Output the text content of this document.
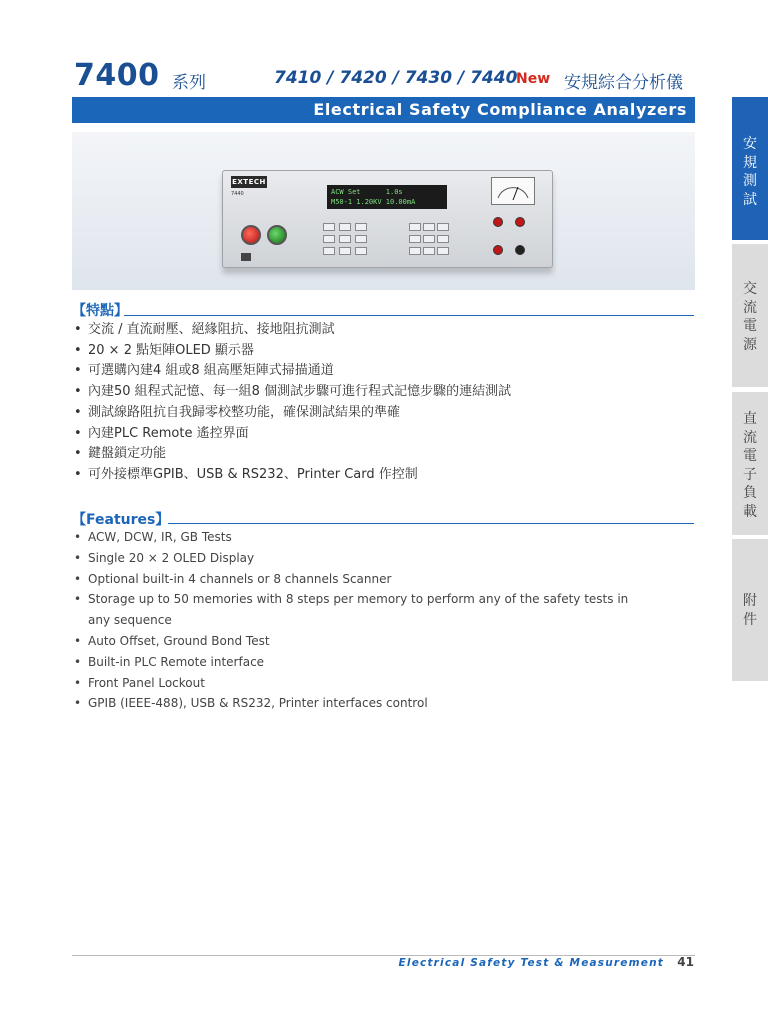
7400 系列	7410 / 7420 / 7430 / 7440
New 安規綜合分析儀
Electrical Safety Compliance Analyzers
EXTECH
7440	ACW Set      1.0s
M50-1 1.20KV 10.00mA
【特點】
• 交流 / 直流耐壓、絕緣阻抗、接地阻抗測試
• 20 × 2 點矩陣OLED 顯示器
• 可選購內建4 組或8 組高壓矩陣式掃描通道
• 內建50 組程式記憶、每一組8 個測試步驟可進行程式記憶步驟的連結測試
• 測試線路阻抗自我歸零校整功能，確保測試結果的準確
• 內建PLC Remote 遙控界面
• 鍵盤鎖定功能
• 可外接標準GPIB、USB & RS232、Printer Card 作控制
【Features】
• ACW, DCW, IR, GB Tests
• Single 20 × 2 OLED Display
• Optional built-in 4 channels or 8 channels Scanner
• Storage up to 50 memories with 8 steps per memory to perform any of the safety tests in
any sequence
• Auto Offset, Ground Bond Test
• Built-in PLC Remote interface
• Front Panel Lockout
• GPIB (IEEE-488), USB & RS232, Printer interfaces control
安規測試
交流電源
直流電子負載
附件
Electrical Safety Test & Measurement 41
